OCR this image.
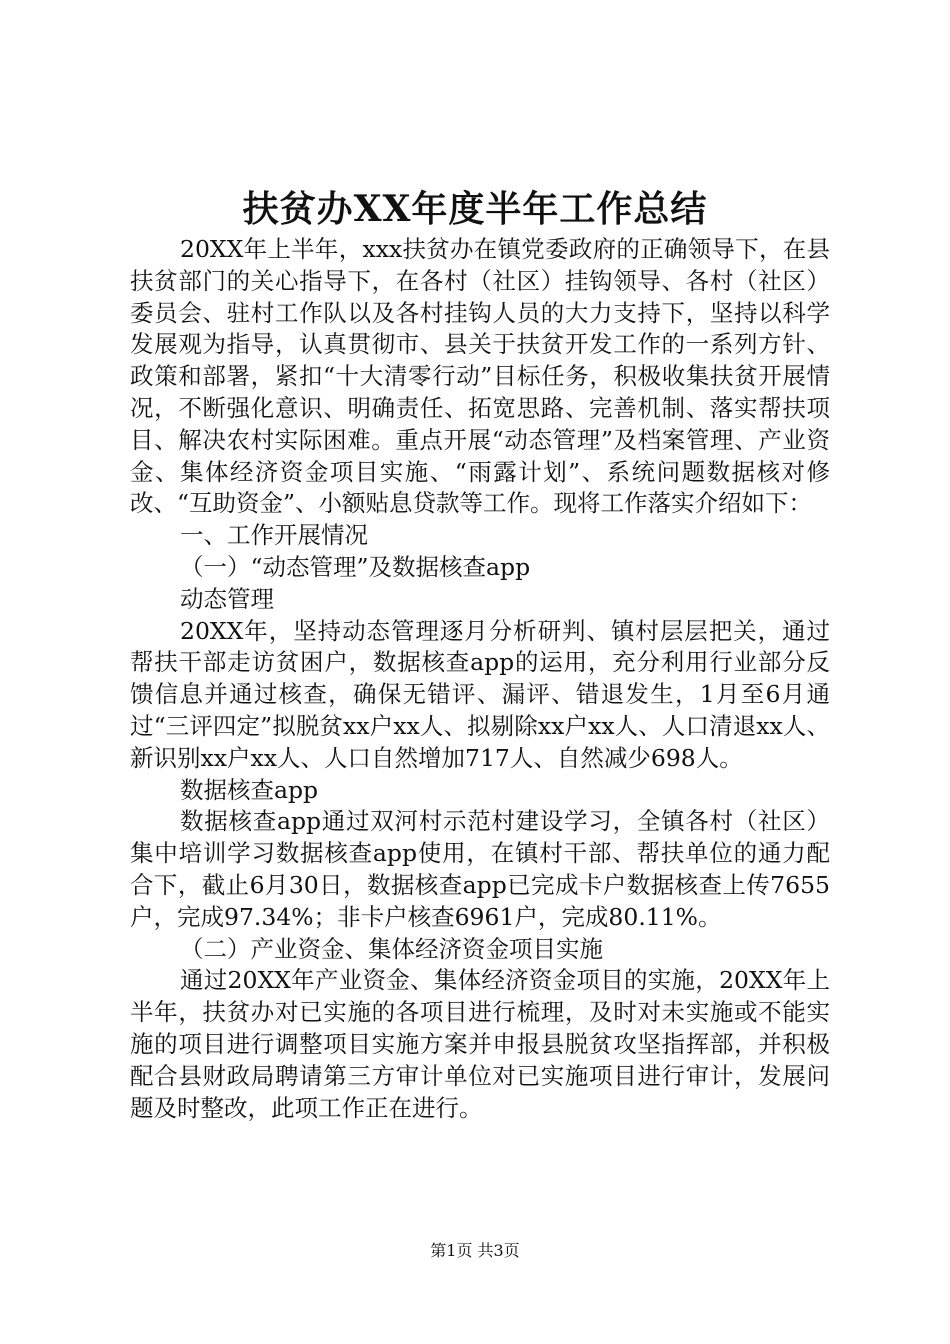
扶贫办XX年度半年工作总结

20XX年上半年，xxx扶贫办在镇党委政府的正确领导下，在县扶贫部门的关心指导下，在各村（社区）挂钩领导、各村（社区）委员会、驻村工作队以及各村挂钩人员的大力支持下，坚持以科学发展观为指导，认真贯彻市、县关于扶贫开发工作的一系列方针、政策和部署，紧扣“十大清零行动”目标任务，积极收集扶贫开展情况，不断强化意识、明确责任、拓宽思路、完善机制、落实帮扶项目、解决农村实际困难。重点开展“动态管理”及档案管理、产业资金、集体经济资金项目实施、“雨露计划”、系统问题数据核对修改、“互助资金”、小额贴息贷款等工作。现将工作落实介绍如下：

一、工作开展情况

（一）“动态管理”及数据核查app

动态管理

20XX年，坚持动态管理逐月分析研判、镇村层层把关，通过帮扶干部走访贫困户，数据核查app的运用，充分利用行业部分反馈信息并通过核查，确保无错评、漏评、错退发生，1月至6月通过“三评四定”拟脱贫xx户xx人、拟剔除xx户xx人、人口清退xx人、新识别xx户xx人、人口自然增加717人、自然减少698人。

数据核查app

数据核查app通过双河村示范村建设学习，全镇各村（社区）集中培训学习数据核查app使用，在镇村干部、帮扶单位的通力配合下，截止6月30日，数据核查app已完成卡户数据核查上传7655户，完成97.34%；非卡户核查6961户，完成80.11%。

（二）产业资金、集体经济资金项目实施

通过20XX年产业资金、集体经济资金项目的实施，20XX年上半年，扶贫办对已实施的各项目进行梳理，及时对未实施或不能实施的项目进行调整项目实施方案并申报县脱贫攻坚指挥部，并积极配合县财政局聘请第三方审计单位对已实施项目进行审计，发展问题及时整改，此项工作正在进行。

第1页 共3页
